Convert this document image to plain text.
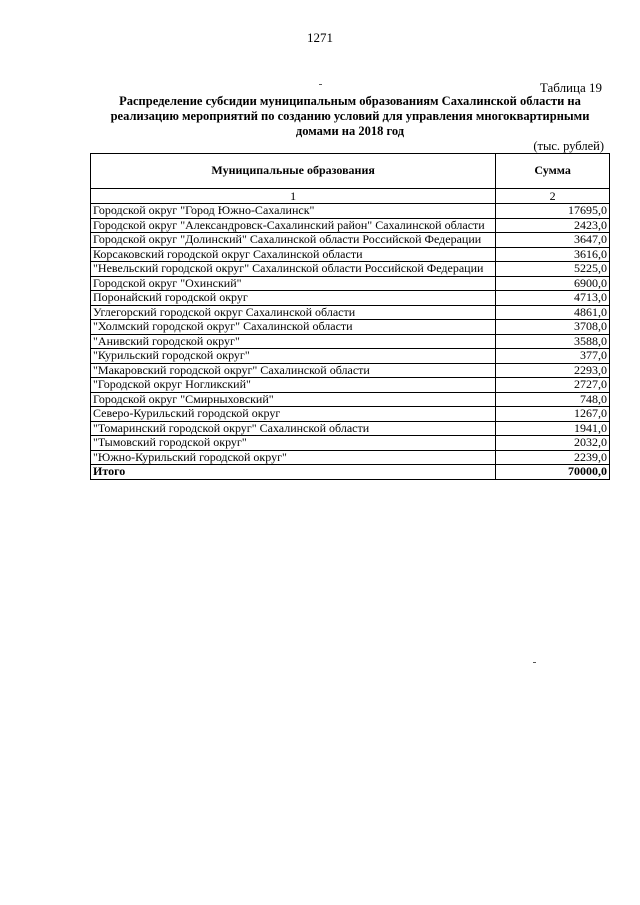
1271
Таблица 19
Распределение субсидии муниципальным образованиям Сахалинской области на реализацию мероприятий по созданию условий для управления многоквартирными домами на 2018 год
(тыс. рублей)
Муниципальные образования	Сумма
1	2
Городской округ "Город Южно-Сахалинск"	17695,0
Городской округ "Александровск-Сахалинский район" Сахалинской области	2423,0
Городской округ "Долинский" Сахалинской области Российской Федерации	3647,0
Корсаковский городской округ Сахалинской области	3616,0
"Невельский городской округ" Сахалинской области Российской Федерации	5225,0
Городской округ "Охинский"	6900,0
Поронайский городской округ	4713,0
Углегорский городской округ Сахалинской области	4861,0
"Холмский городской округ" Сахалинской области	3708,0
"Анивский городской округ"	3588,0
"Курильский городской округ"	377,0
"Макаровский городской округ" Сахалинской области	2293,0
"Городской округ Ногликский"	2727,0
Городской округ "Смирныховский"	748,0
Северо-Курильский городской округ	1267,0
"Томаринский городской округ" Сахалинской области	1941,0
"Тымовский городской округ"	2032,0
"Южно-Курильский городской округ"	2239,0
Итого	70000,0
